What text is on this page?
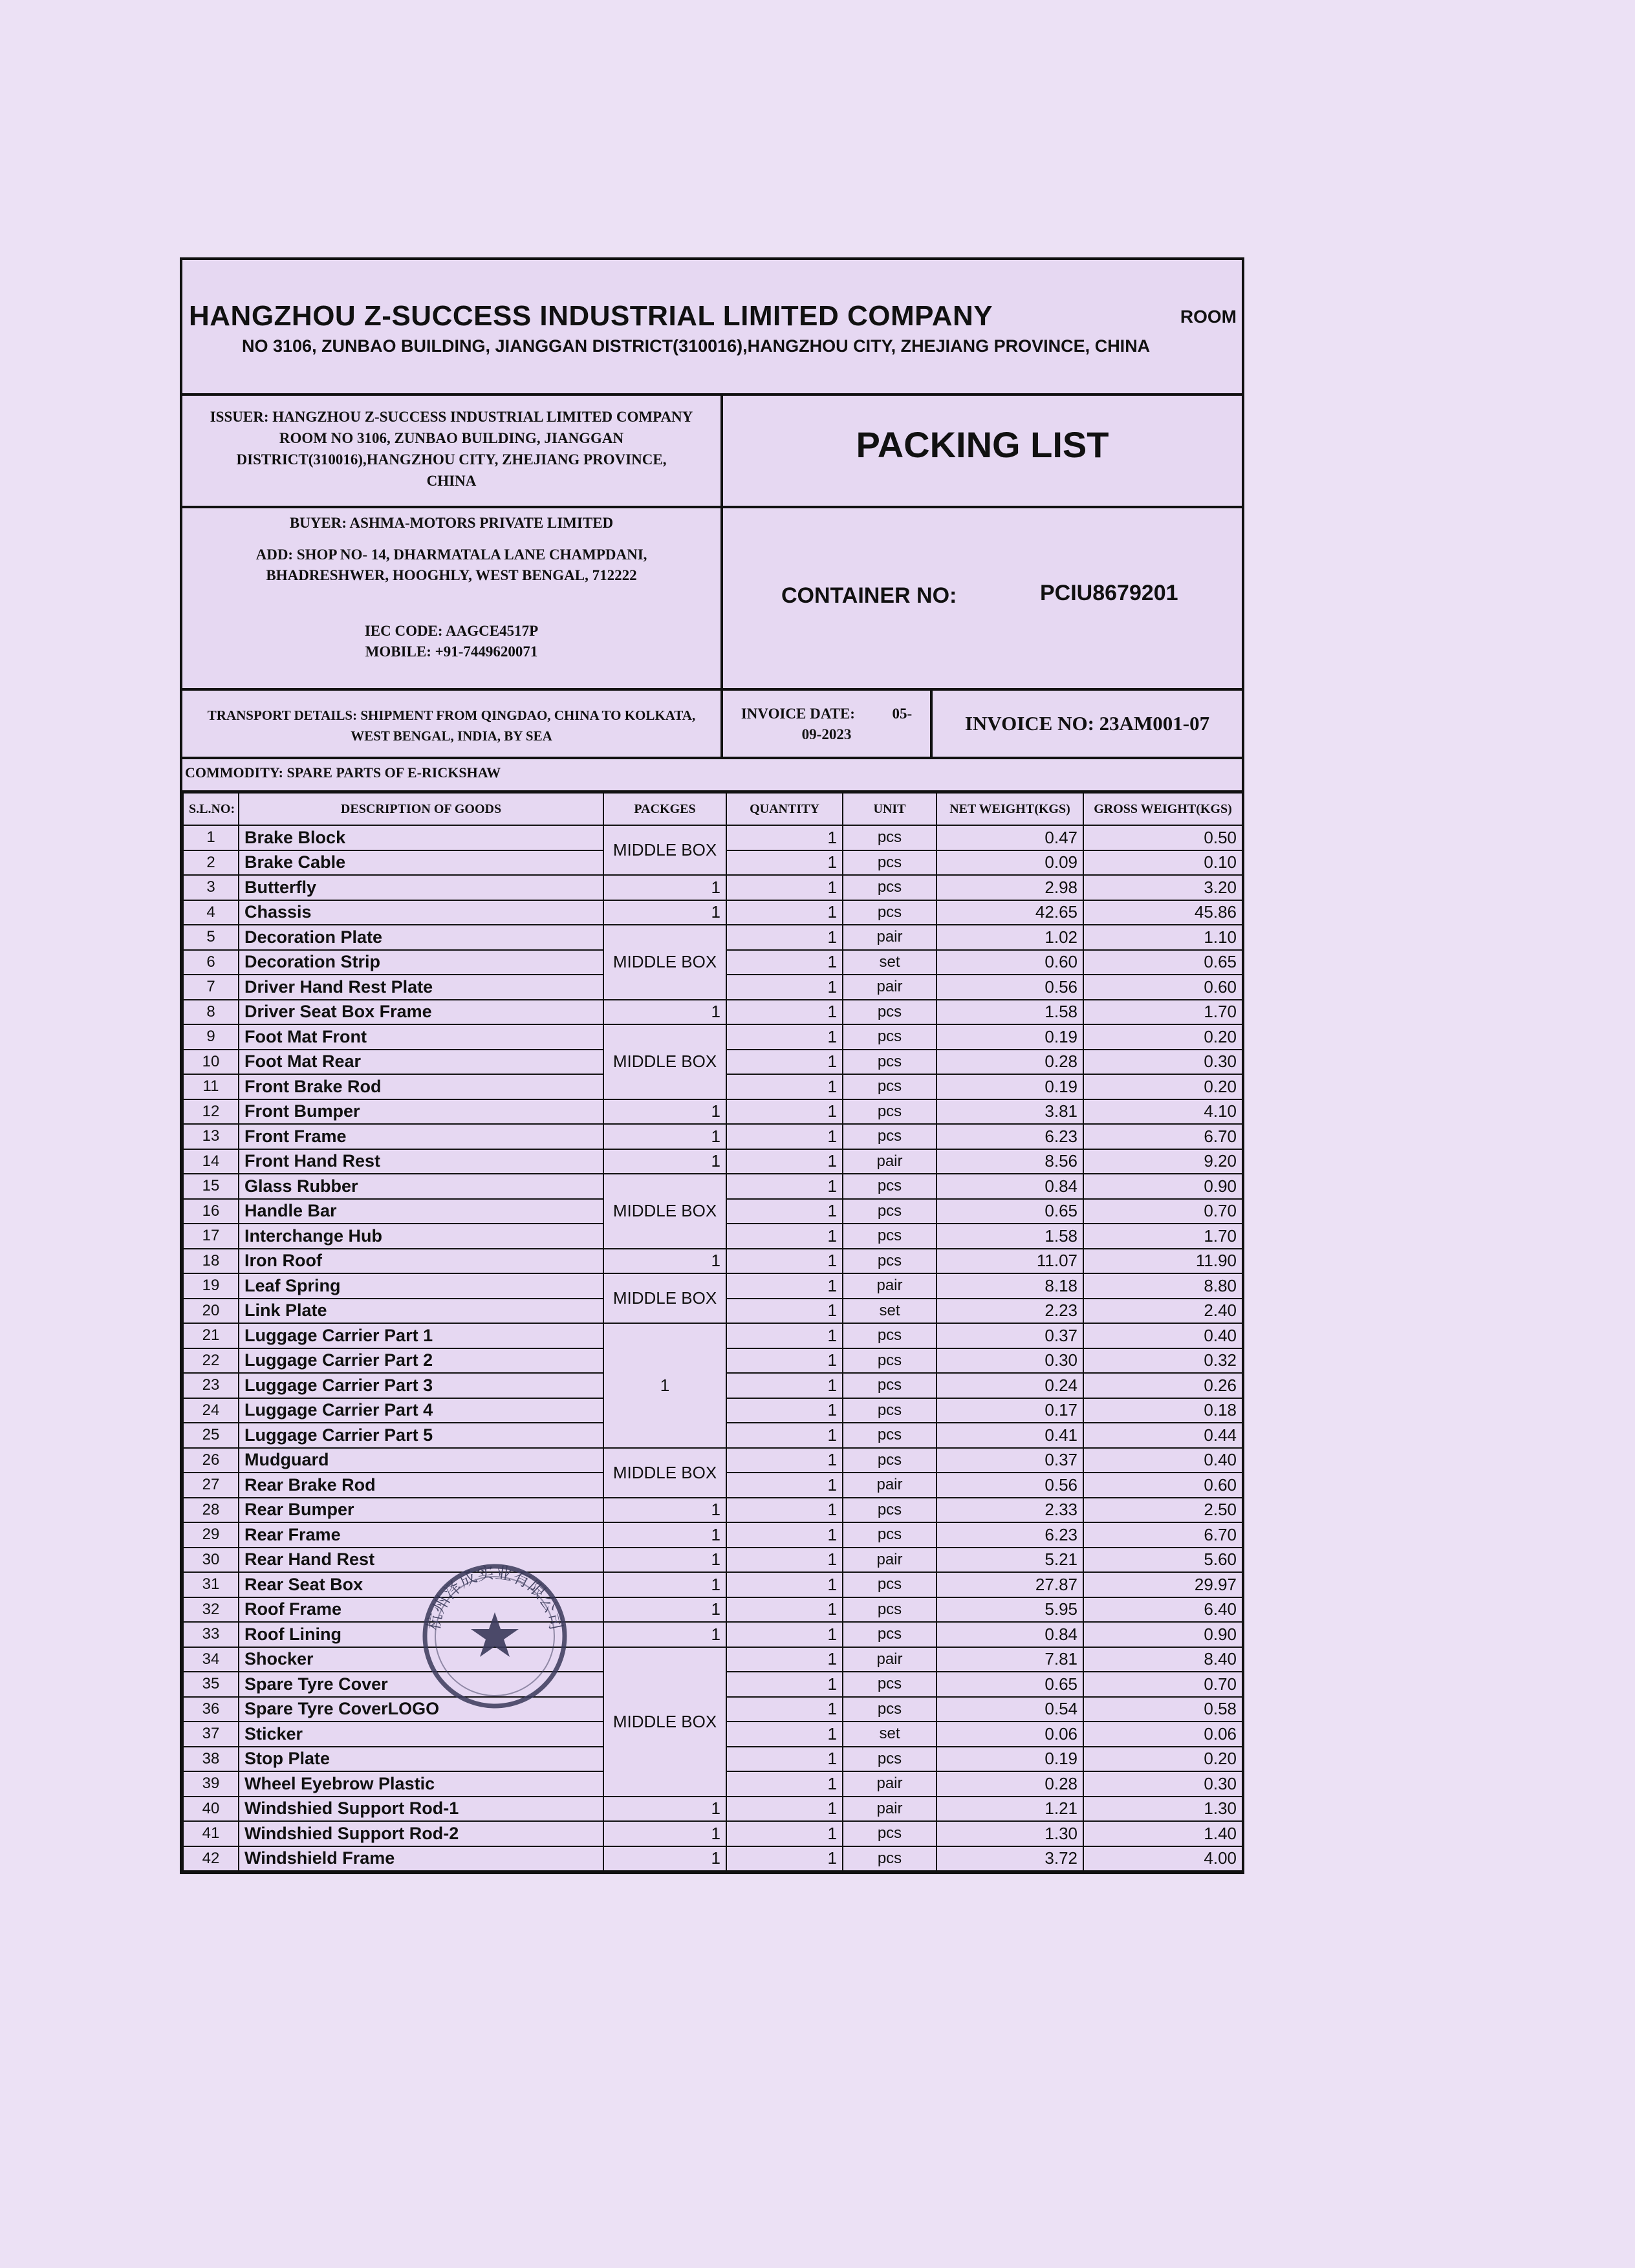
HANGZHOU Z-SUCCESS INDUSTRIAL LIMITED COMPANY	ROOM
NO 3106, ZUNBAO BUILDING, JIANGGAN DISTRICT(310016),HANGZHOU CITY, ZHEJIANG PROVINCE, CHINA
ISSUER: HANGZHOU Z-SUCCESS INDUSTRIAL LIMITED COMPANY
ROOM NO 3106, ZUNBAO BUILDING, JIANGGAN
DISTRICT(310016),HANGZHOU CITY, ZHEJIANG PROVINCE,
CHINA
PACKING LIST
BUYER: ASHMA-MOTORS PRIVATE LIMITED
ADD: SHOP NO- 14, DHARMATALA LANE CHAMPDANI,
BHADRESHWER, HOOGHLY, WEST BENGAL, 712222
IEC CODE: AAGCE4517P
MOBILE: +91-7449620071
CONTAINER NO:	PCIU8679201
TRANSPORT DETAILS: SHIPMENT FROM QINGDAO, CHINA TO KOLKATA,
WEST BENGAL, INDIA, BY SEA
INVOICE DATE:          05-
09-2023	INVOICE NO: 23AM001-07
COMMODITY: SPARE PARTS OF E-RICKSHAW
S.L.NO:	DESCRIPTION OF GOODS	PACKGES	QUANTITY	UNIT	NET WEIGHT(KGS)	GROSS WEIGHT(KGS)
1	Brake Block	MIDDLE BOX	1	pcs	0.47	0.50
2	Brake Cable		1	pcs	0.09	0.10
3	Butterfly	1	1	pcs	2.98	3.20
4	Chassis	1	1	pcs	42.65	45.86
5	Decoration Plate	MIDDLE BOX	1	pair	1.02	1.10
6	Decoration Strip		1	set	0.60	0.65
7	Driver Hand Rest Plate		1	pair	0.56	0.60
8	Driver Seat Box Frame	1	1	pcs	1.58	1.70
9	Foot Mat Front	MIDDLE BOX	1	pcs	0.19	0.20
10	Foot Mat Rear		1	pcs	0.28	0.30
11	Front Brake Rod		1	pcs	0.19	0.20
12	Front Bumper	1	1	pcs	3.81	4.10
13	Front Frame	1	1	pcs	6.23	6.70
14	Front Hand Rest	1	1	pair	8.56	9.20
15	Glass Rubber	MIDDLE BOX	1	pcs	0.84	0.90
16	Handle Bar		1	pcs	0.65	0.70
17	Interchange Hub		1	pcs	1.58	1.70
18	Iron Roof	1	1	pcs	11.07	11.90
19	Leaf Spring	MIDDLE BOX	1	pair	8.18	8.80
20	Link Plate		1	set	2.23	2.40
21	Luggage Carrier Part 1	1	1	pcs	0.37	0.40
22	Luggage Carrier Part 2		1	pcs	0.30	0.32
23	Luggage Carrier Part 3		1	pcs	0.24	0.26
24	Luggage Carrier Part 4		1	pcs	0.17	0.18
25	Luggage Carrier Part 5		1	pcs	0.41	0.44
26	Mudguard	MIDDLE BOX	1	pcs	0.37	0.40
27	Rear Brake Rod		1	pair	0.56	0.60
28	Rear Bumper	1	1	pcs	2.33	2.50
29	Rear Frame	1	1	pcs	6.23	6.70
30	Rear Hand Rest	1	1	pair	5.21	5.60
31	Rear Seat Box	1	1	pcs	27.87	29.97
32	Roof Frame	1	1	pcs	5.95	6.40
33	Roof Lining	1	1	pcs	0.84	0.90
34	Shocker	MIDDLE BOX	1	pair	7.81	8.40
35	Spare Tyre Cover		1	pcs	0.65	0.70
36	Spare Tyre CoverLOGO		1	pcs	0.54	0.58
37	Sticker		1	set	0.06	0.06
38	Stop Plate		1	pcs	0.19	0.20
39	Wheel Eyebrow Plastic		1	pair	0.28	0.30
40	Windshied Support Rod-1	1	1	pair	1.21	1.30
41	Windshied Support Rod-2	1	1	pcs	1.30	1.40
42	Windshield Frame	1	1	pcs	3.72	4.00
杭州泽成实业有限公司
